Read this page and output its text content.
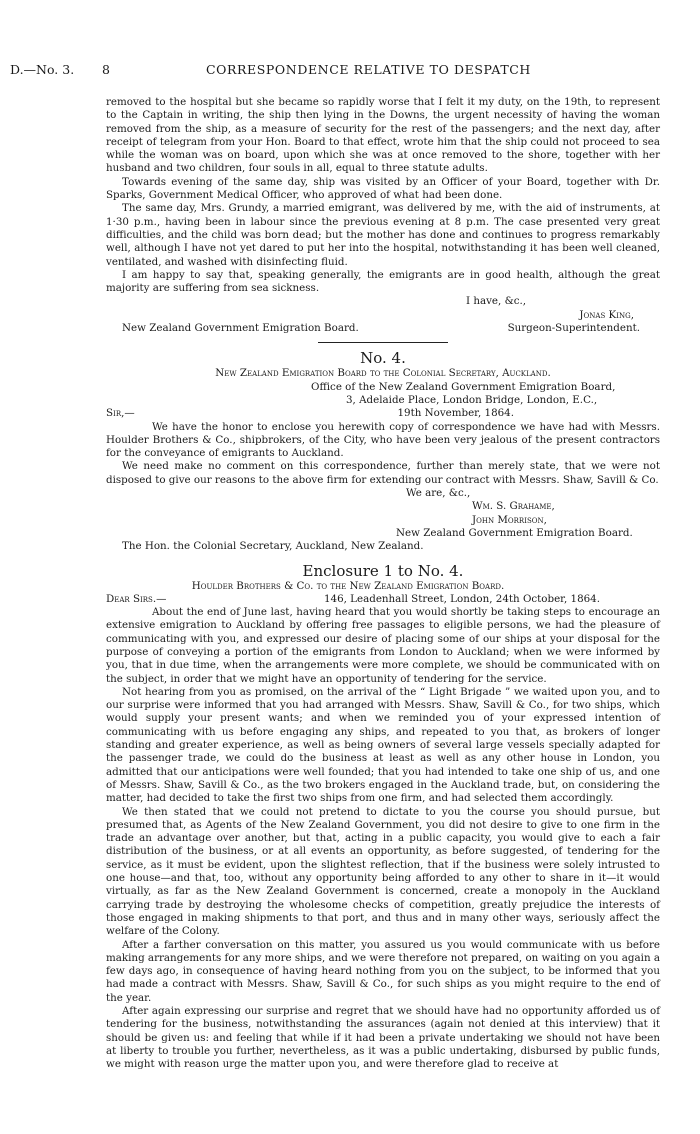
D.—No. 3. 8	CORRESPONDENCE RELATIVE TO DESPATCH

removed to the hospital but she became so rapidly worse that I felt it my duty, on the 19th, to represent to the Captain in writing, the ship then lying in the Downs, the urgent necessity of having the woman removed from the ship, as a measure of security for the rest of the passengers; and the next day, after receipt of telegram from your Hon. Board to that effect, wrote him that the ship could not proceed to sea while the woman was on board, upon which she was at once removed to the shore, together with her husband and two children, four souls in all, equal to three statute adults.

Towards evening of the same day, ship was visited by an Officer of your Board, together with Dr. Sparks, Government Medical Officer, who approved of what had been done.

The same day, Mrs. Grundy, a married emigrant, was delivered by me, with the aid of instruments, at 1·30 p.m., having been in labour since the previous evening at 8 p.m. The case presented very great difficulties, and the child was born dead; but the mother has done and continues to progress remarkably well, although I have not yet dared to put her into the hospital, notwithstanding it has been well cleaned, ventilated, and washed with disinfecting fluid.

I am happy to say that, speaking generally, the emigrants are in good health, although the great majority are suffering from sea sickness.

I have, &c.,
Jonas King,
New Zealand Government Emigration Board.	Surgeon-Superintendent.
No. 4.
New Zealand Emigration Board to the Colonial Secretary, Auckland.
Office of the New Zealand Government Emigration Board,
3, Adelaide Place, London Bridge, London, E.C.,
Sir,—	19th November, 1864.

We have the honor to enclose you herewith copy of correspondence we have had with Messrs. Houlder Brothers & Co., shipbrokers, of the City, who have been very jealous of the present contractors for the conveyance of emigrants to Auckland.

We need make no comment on this correspondence, further than merely state, that we were not disposed to give our reasons to the above firm for extending our contract with Messrs. Shaw, Savill & Co.

We are, &c.,
Wm. S. Grahame,
John Morrison,
New Zealand Government Emigration Board.
The Hon. the Colonial Secretary, Auckland, New Zealand.
Enclosure 1 to No. 4.
Houlder Brothers & Co. to the New Zealand Emigration Board.
Dear Sirs.—	146, Leadenhall Street, London, 24th October, 1864.

About the end of June last, having heard that you would shortly be taking steps to encourage an extensive emigration to Auckland by offering free passages to eligible persons, we had the pleasure of communicating with you, and expressed our desire of placing some of our ships at your disposal for the purpose of conveying a portion of the emigrants from London to Auckland; when we were informed by you, that in due time, when the arrangements were more complete, we should be communicated with on the subject, in order that we might have an opportunity of tendering for the service.

Not hearing from you as promised, on the arrival of the “ Light Brigade ” we waited upon you, and to our surprise were informed that you had arranged with Messrs. Shaw, Savill & Co., for two ships, which would supply your present wants; and when we reminded you of your expressed intention of communicating with us before engaging any ships, and repeated to you that, as brokers of longer standing and greater experience, as well as being owners of several large vessels specially adapted for the passenger trade, we could do the business at least as well as any other house in London, you admitted that our anticipations were well founded; that you had intended to take one ship of us, and one of Messrs. Shaw, Savill & Co., as the two brokers engaged in the Auckland trade, but, on considering the matter, had decided to take the first two ships from one firm, and had selected them accordingly.

We then stated that we could not pretend to dictate to you the course you should pursue, but presumed that, as Agents of the New Zealand Government, you did not desire to give to one firm in the trade an advantage over another, but that, acting in a public capacity, you would give to each a fair distribution of the business, or at all events an opportunity, as before suggested, of tendering for the service, as it must be evident, upon the slightest reflection, that if the business were solely intrusted to one house—and that, too, without any opportunity being afforded to any other to share in it—it would virtually, as far as the New Zealand Government is concerned, create a monopoly in the Auckland carrying trade by destroying the wholesome checks of competition, greatly prejudice the interests of those engaged in making shipments to that port, and thus and in many other ways, seriously affect the welfare of the Colony.

After a farther conversation on this matter, you assured us you would communicate with us before making arrangements for any more ships, and we were therefore not prepared, on waiting on you again a few days ago, in consequence of having heard nothing from you on the subject, to be informed that you had made a contract with Messrs. Shaw, Savill & Co., for such ships as you might require to the end of the year.

After again expressing our surprise and regret that we should have had no opportunity afforded us of tendering for the business, notwithstanding the assurances (again not denied at this interview) that it should be given us: and feeling that while if it had been a private undertaking we should not have been at liberty to trouble you further, nevertheless, as it was a public undertaking, disbursed by public funds, we might with reason urge the matter upon you, and were therefore glad to receive at
